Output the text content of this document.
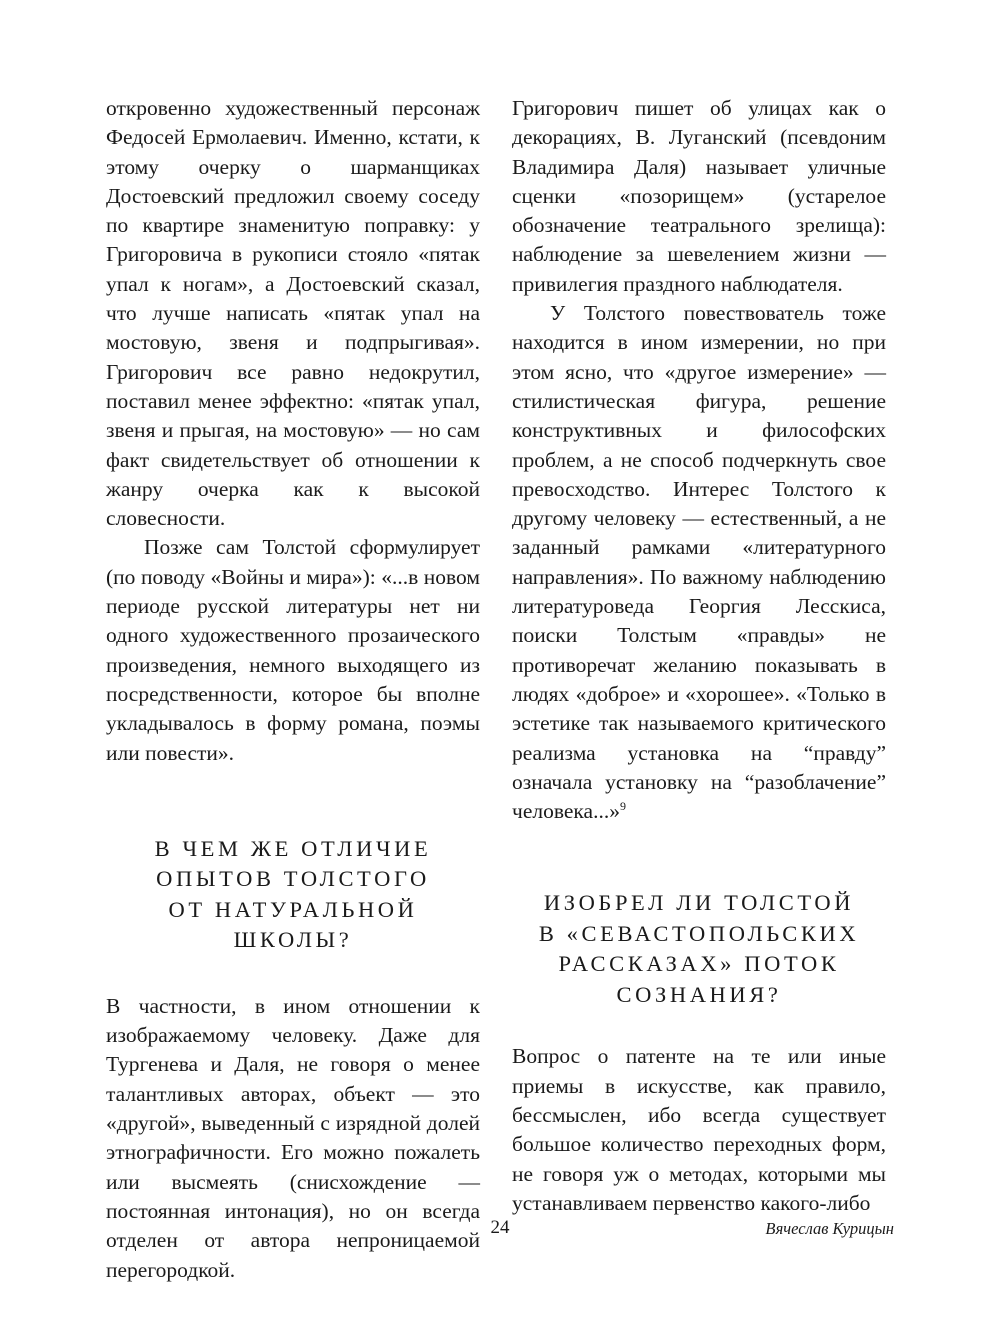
откровенно художественный персонаж Федосей Ермолаевич. Именно, кстати, к этому очерку о шарманщиках Достоевский предложил своему соседу по квартире знаменитую поправку: у Григоровича в рукописи стояло «пятак упал к ногам», а Достоевский сказал, что лучше написать «пятак упал на мостовую, звеня и подпрыгивая». Григорович все равно недокрутил, поставил менее эффектно: «пятак упал, звеня и прыгая, на мостовую» — но сам факт свидетельствует об отношении к жанру очерка как к высокой словесности.

Позже сам Толстой сформулирует (по поводу «Войны и мира»): «...в новом периоде русской литературы нет ни одного художественного прозаического произведения, немного выходящего из посредственности, которое бы вполне укладывалось в форму романа, поэмы или повести».

В ЧЕМ ЖЕ ОТЛИЧИЕ
ОПЫТОВ ТОЛСТОГО
ОТ НАТУРАЛЬНОЙ ШКОЛЫ?

В частности, в ином отношении к изображаемому человеку. Даже для Тургенева и Даля, не говоря о менее талантливых авторах, объект — это «другой», выведенный с изрядной долей этнографичности. Его можно пожалеть или высмеять (снисхождение — постоянная интонация), но он всегда отделен от автора непроницаемой перегородкой.

Григорович пишет об улицах как о декорациях, В. Луганский (псевдоним Владимира Даля) называет уличные сценки «позорищем» (устарелое обозначение театрального зрелища): наблюдение за шевелением жизни — привилегия праздного наблюдателя.

У Толстого повествователь тоже находится в ином измерении, но при этом ясно, что «другое измерение» — стилистическая фигура, решение конструктивных и философских проблем, а не способ подчеркнуть свое превосходство. Интерес Толстого к другому человеку — естественный, а не заданный рамками «литературного направления». По важному наблюдению литературоведа Георгия Лесскиса, поиски Толстым «правды» не противоречат желанию показывать в людях «доброе» и «хорошее». «Только в эстетике так называемого критического реализма установка на “правду” означала установку на “разоблачение” человека...»$^9$

ИЗОБРЕЛ ЛИ ТОЛСТОЙ
В «СЕВАСТОПОЛЬСКИХ
РАССКАЗАХ» ПОТОК
СОЗНАНИЯ?

Вопрос о патенте на те или иные приемы в искусстве, как правило, бессмыслен, ибо всегда существует большое количество переходных форм, не говоря уж о методах, которыми мы устанавливаем первенство какого-либо

24	Вячеслав Курицын
